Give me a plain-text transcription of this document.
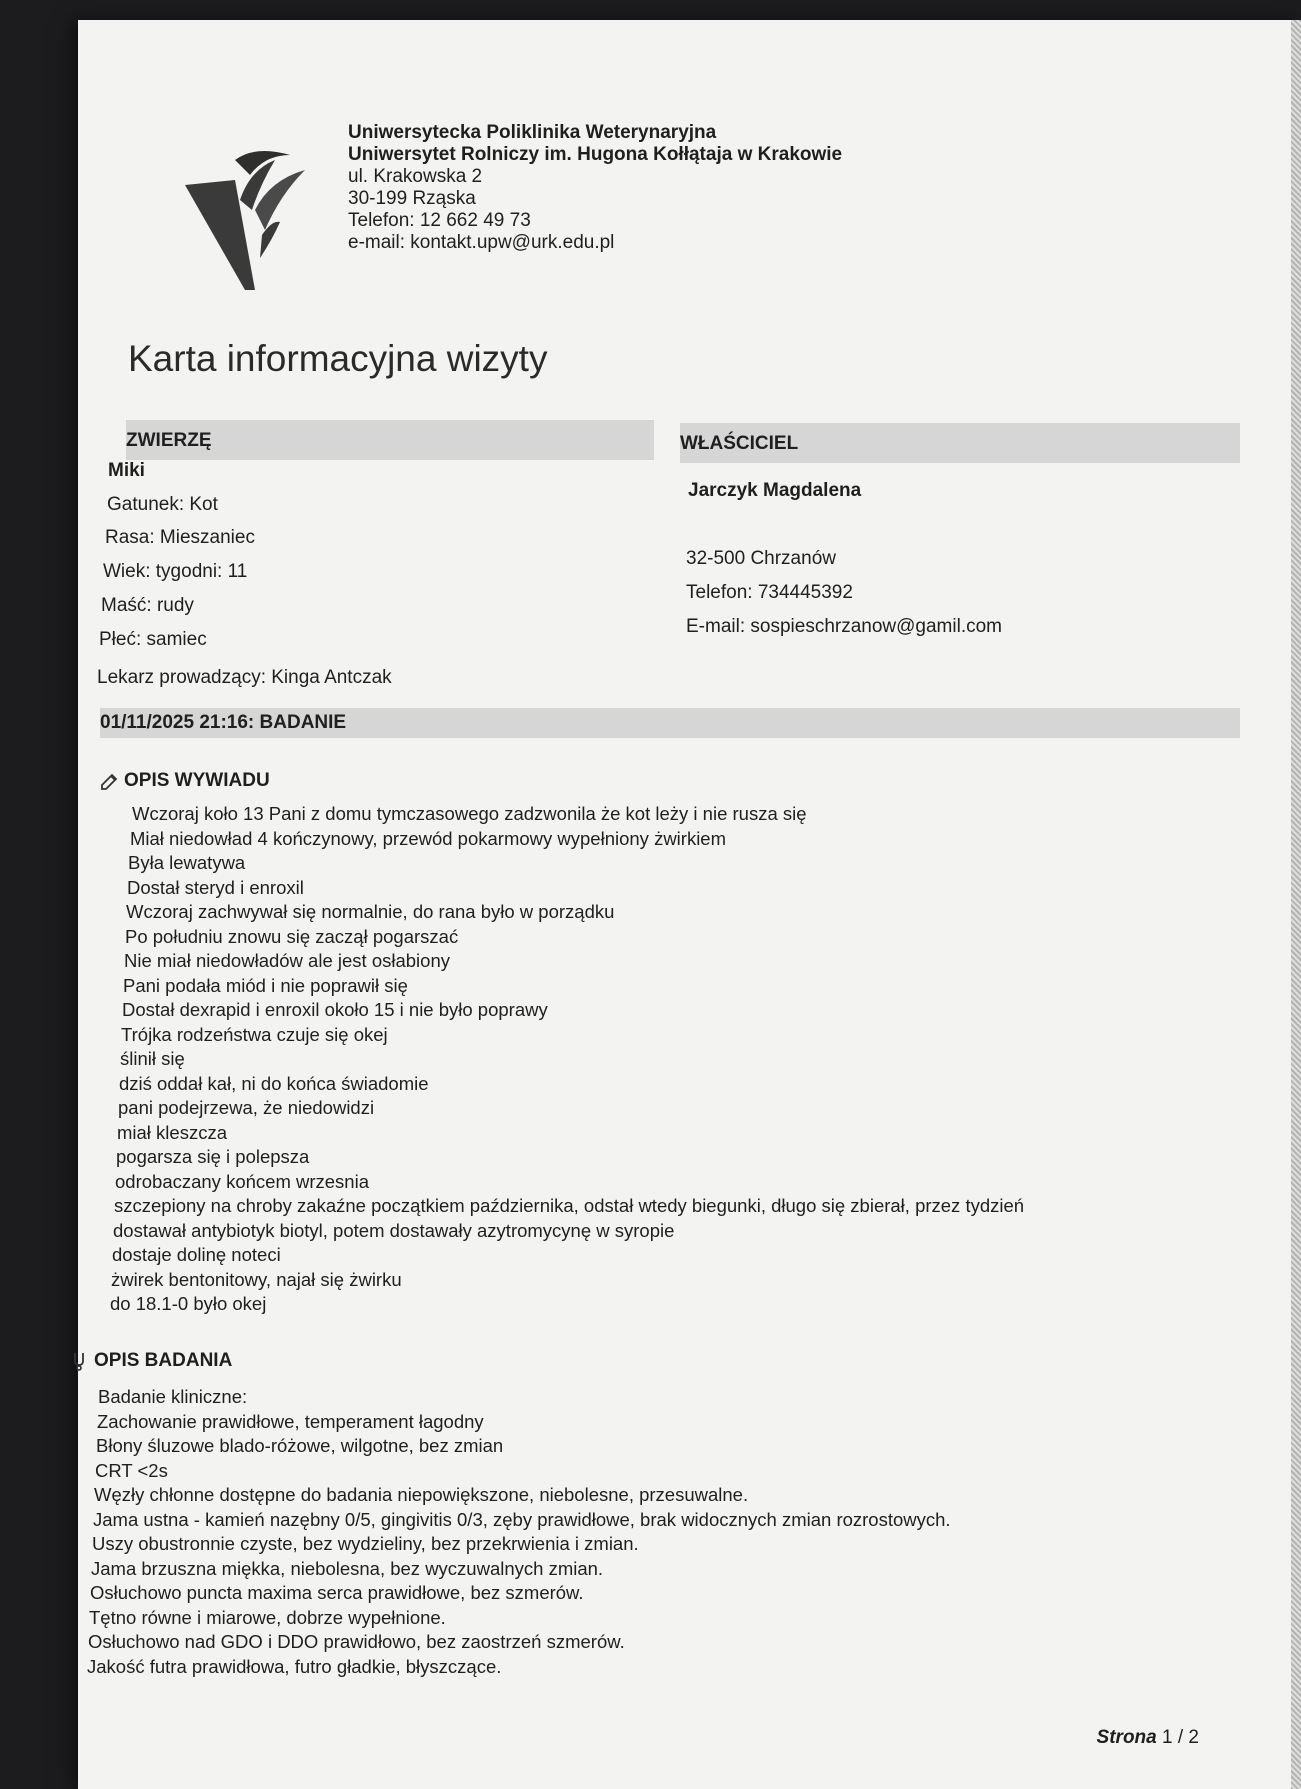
Uniwersytecka Poliklinika Weterynaryjna
Uniwersytet Rolniczy im. Hugona Kołłątaja w Krakowie
ul. Krakowska 2
30-199 Rząska
Telefon: 12 662 49 73
e-mail: kontakt.upw@urk.edu.pl
Karta informacyjna wizyty
ZWIERZĘ	WŁAŚCICIEL
Miki
Gatunek: Kot
Rasa: Mieszaniec
Wiek: tygodni: 11
Maść: rudy
Płeć: samiec
Lekarz prowadzący: Kinga Antczak
Jarczyk Magdalena
32-500 Chrzanów
Telefon: 734445392
E-mail: sospieschrzanow@gamil.com
01/11/2025 21:16: BADANIE
OPIS WYWIADU
Wczoraj koło 13 Pani z domu tymczasowego zadzwonila że kot leży i nie rusza się
Miał niedowład 4 kończynowy, przewód pokarmowy wypełniony żwirkiem
Była lewatywa
Dostał steryd i enroxil
Wczoraj zachwywał się normalnie, do rana było w porządku
Po południu znowu się zaczął pogarszać
Nie miał niedowładów ale jest osłabiony
Pani podała miód i nie poprawił się
Dostał dexrapid i enroxil około 15 i nie było poprawy
Trójka rodzeństwa czuje się okej
ślinił się
dziś oddał kał, ni do końca świadomie
pani podejrzewa, że niedowidzi
miał kleszcza
pogarsza się i polepsza
odrobaczany końcem wrzesnia
szczepiony na chroby zakaźne początkiem października, odstał wtedy biegunki, długo się zbierał, przez tydzień
dostawał antybiotyk biotyl, potem dostawały azytromycynę w syropie
dostaje dolinę noteci
żwirek bentonitowy, najał się żwirku
do 18.1-0 było okej
OPIS BADANIA
Badanie kliniczne:
Zachowanie prawidłowe, temperament łagodny
Błony śluzowe blado-różowe, wilgotne, bez zmian
CRT <2s
Węzły chłonne dostępne do badania niepowiększone, niebolesne, przesuwalne.
Jama ustna - kamień nazębny 0/5, gingivitis 0/3, zęby prawidłowe, brak widocznych zmian rozrostowych.
Uszy obustronnie czyste, bez wydzieliny, bez przekrwienia i zmian.
Jama brzuszna miękka, niebolesna, bez wyczuwalnych zmian.
Osłuchowo puncta maxima serca prawidłowe, bez szmerów.
Tętno równe i miarowe, dobrze wypełnione.
Osłuchowo nad GDO i DDO prawidłowo, bez zaostrzeń szmerów.
Jakość futra prawidłowa, futro gładkie, błyszczące.
Strona 1 / 2
